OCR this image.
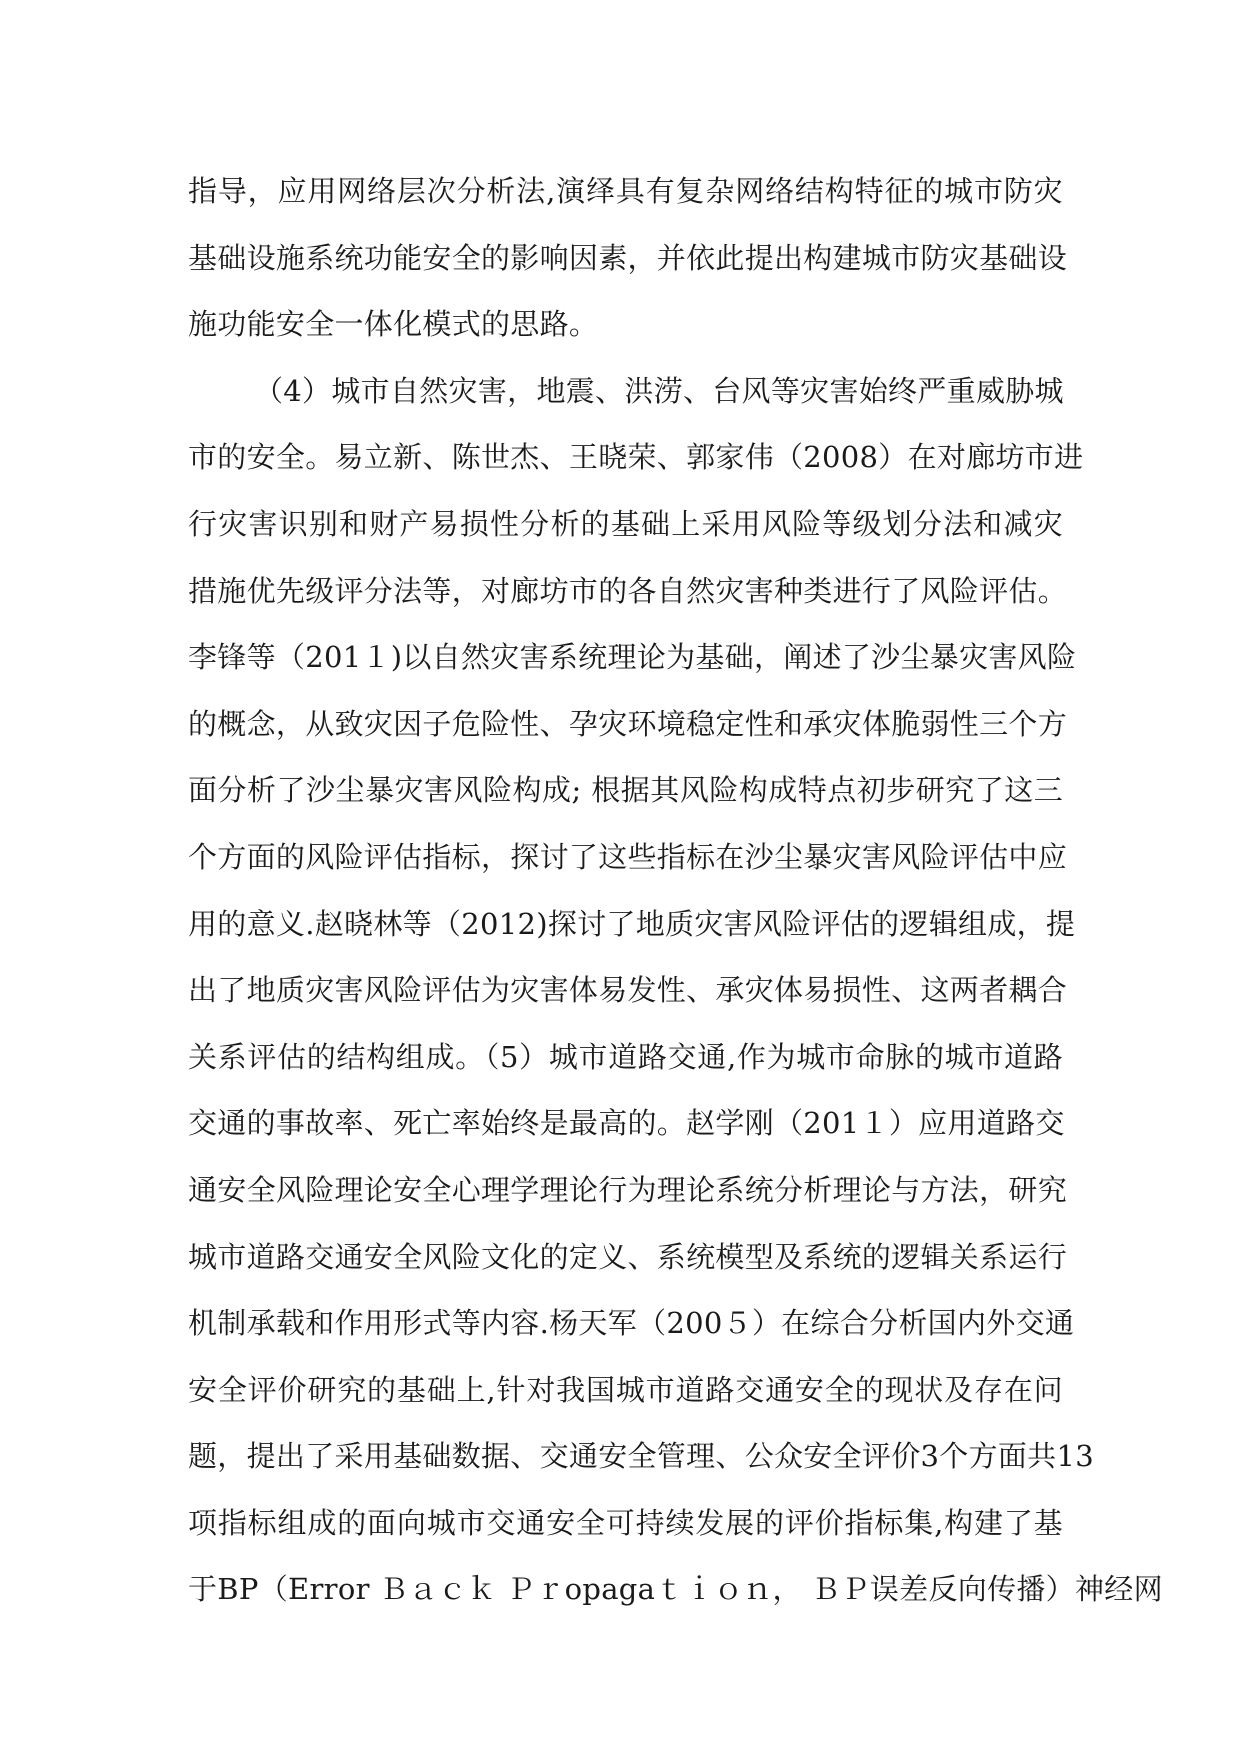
指导，应用网络层次分析法,演绎具有复杂网络结构特征的城市防灾
基础设施系统功能安全的影响因素，并依此提出构建城市防灾基础设
施功能安全一体化模式的思路。
（4）城市自然灾害，地震、洪涝、台风等灾害始终严重威胁城
市的安全。易立新、陈世杰、王晓荣、郭家伟（2008）在对廊坊市进
行灾害识别和财产易损性分析的基础上采用风险等级划分法和减灾
措施优先级评分法等，对廊坊市的各自然灾害种类进行了风险评估。
李锋等（201１)以自然灾害系统理论为基础，阐述了沙尘暴灾害风险
的概念，从致灾因子危险性、孕灾环境稳定性和承灾体脆弱性三个方
面分析了沙尘暴灾害风险构成; 根据其风险构成特点初步研究了这三
个方面的风险评估指标，探讨了这些指标在沙尘暴灾害风险评估中应
用的意义.赵晓林等（2012)探讨了地质灾害风险评估的逻辑组成，提
出了地质灾害风险评估为灾害体易发性、承灾体易损性、这两者耦合
关系评估的结构组成。（5）城市道路交通,作为城市命脉的城市道路
交通的事故率、死亡率始终是最高的。赵学刚（201１）应用道路交
通安全风险理论安全心理学理论行为理论系统分析理论与方法，研究
城市道路交通安全风险文化的定义、系统模型及系统的逻辑关系运行
机制承载和作用形式等内容.杨天军（200５）在综合分析国内外交通
安全评价研究的基础上,针对我国城市道路交通安全的现状及存在问
题，提出了采用基础数据、交通安全管理、公众安全评价3个方面共13
项指标组成的面向城市交通安全可持续发展的评价指标集,构建了基
于BP（Error Ｂａｃｋ Ｐｒopagaｔｉｏｎ， ＢＰ误差反向传播）神经网
